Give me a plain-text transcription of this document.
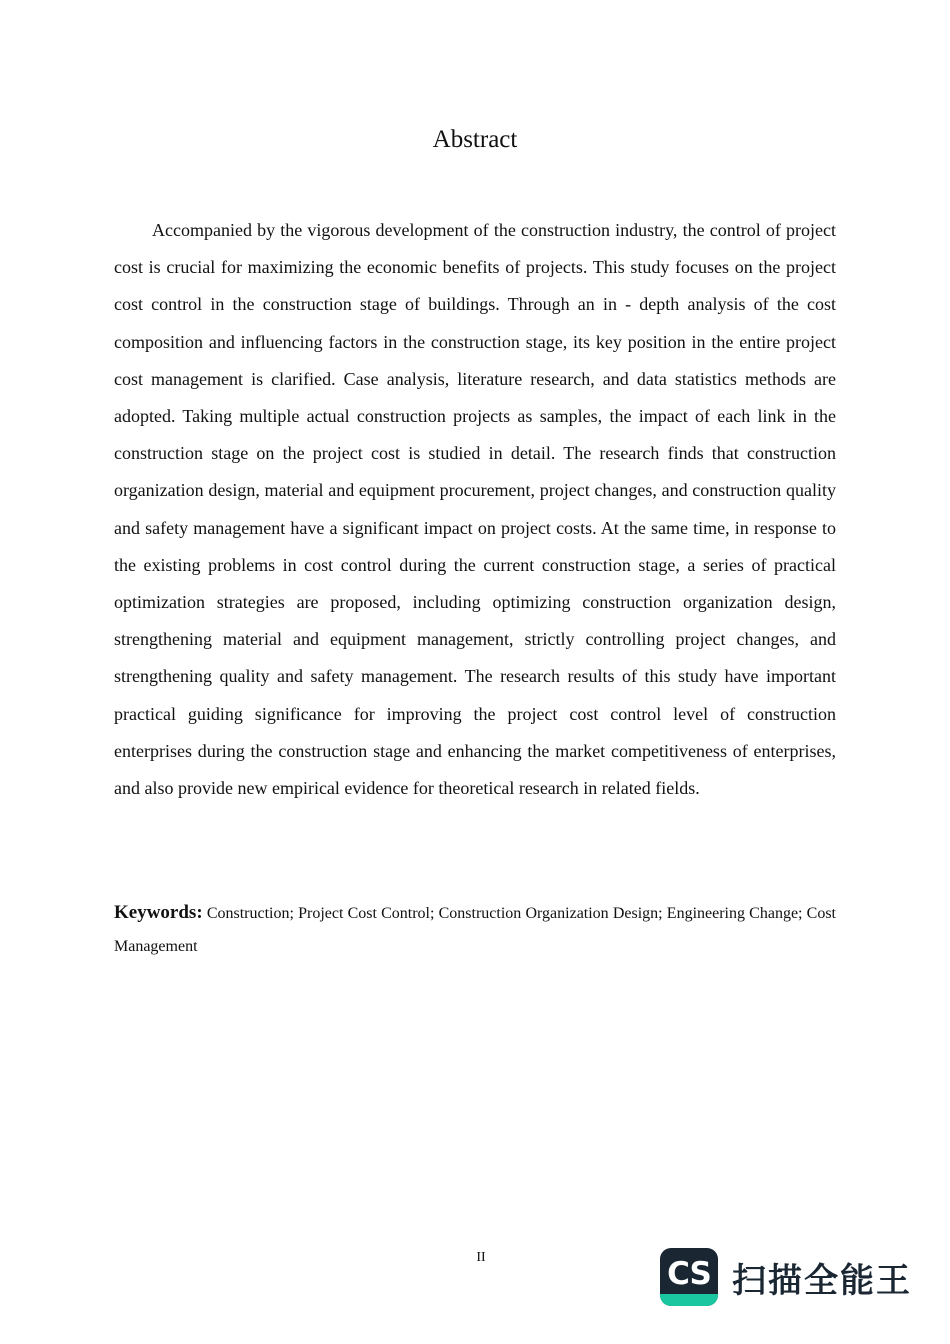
Abstract

Accompanied by the vigorous development of the construction industry, the control of project cost is crucial for maximizing the economic benefits of projects. This study focuses on the project cost control in the construction stage of buildings. Through an in - depth analysis of the cost composition and influencing factors in the construction stage, its key position in the entire project cost management is clarified. Case analysis, literature research, and data statistics methods are adopted. Taking multiple actual construction projects as samples, the impact of each link in the construction stage on the project cost is studied in detail. The research finds that construction organization design, material and equipment procurement, project changes, and construction quality and safety management have a significant impact on project costs. At the same time, in response to the existing problems in cost control during the current construction stage, a series of practical optimization strategies are proposed, including optimizing construction organization design, strengthening material and equipment management, strictly controlling project changes, and strengthening quality and safety management. The research results of this study have important practical guiding significance for improving the project cost control level of construction enterprises during the construction stage and enhancing the market competitiveness of enterprises, and also provide new empirical evidence for theoretical research in related fields.

Keywords: Construction; Project Cost Control; Construction Organization Design; Engineering Change; Cost Management

II	CS 扫描全能王
